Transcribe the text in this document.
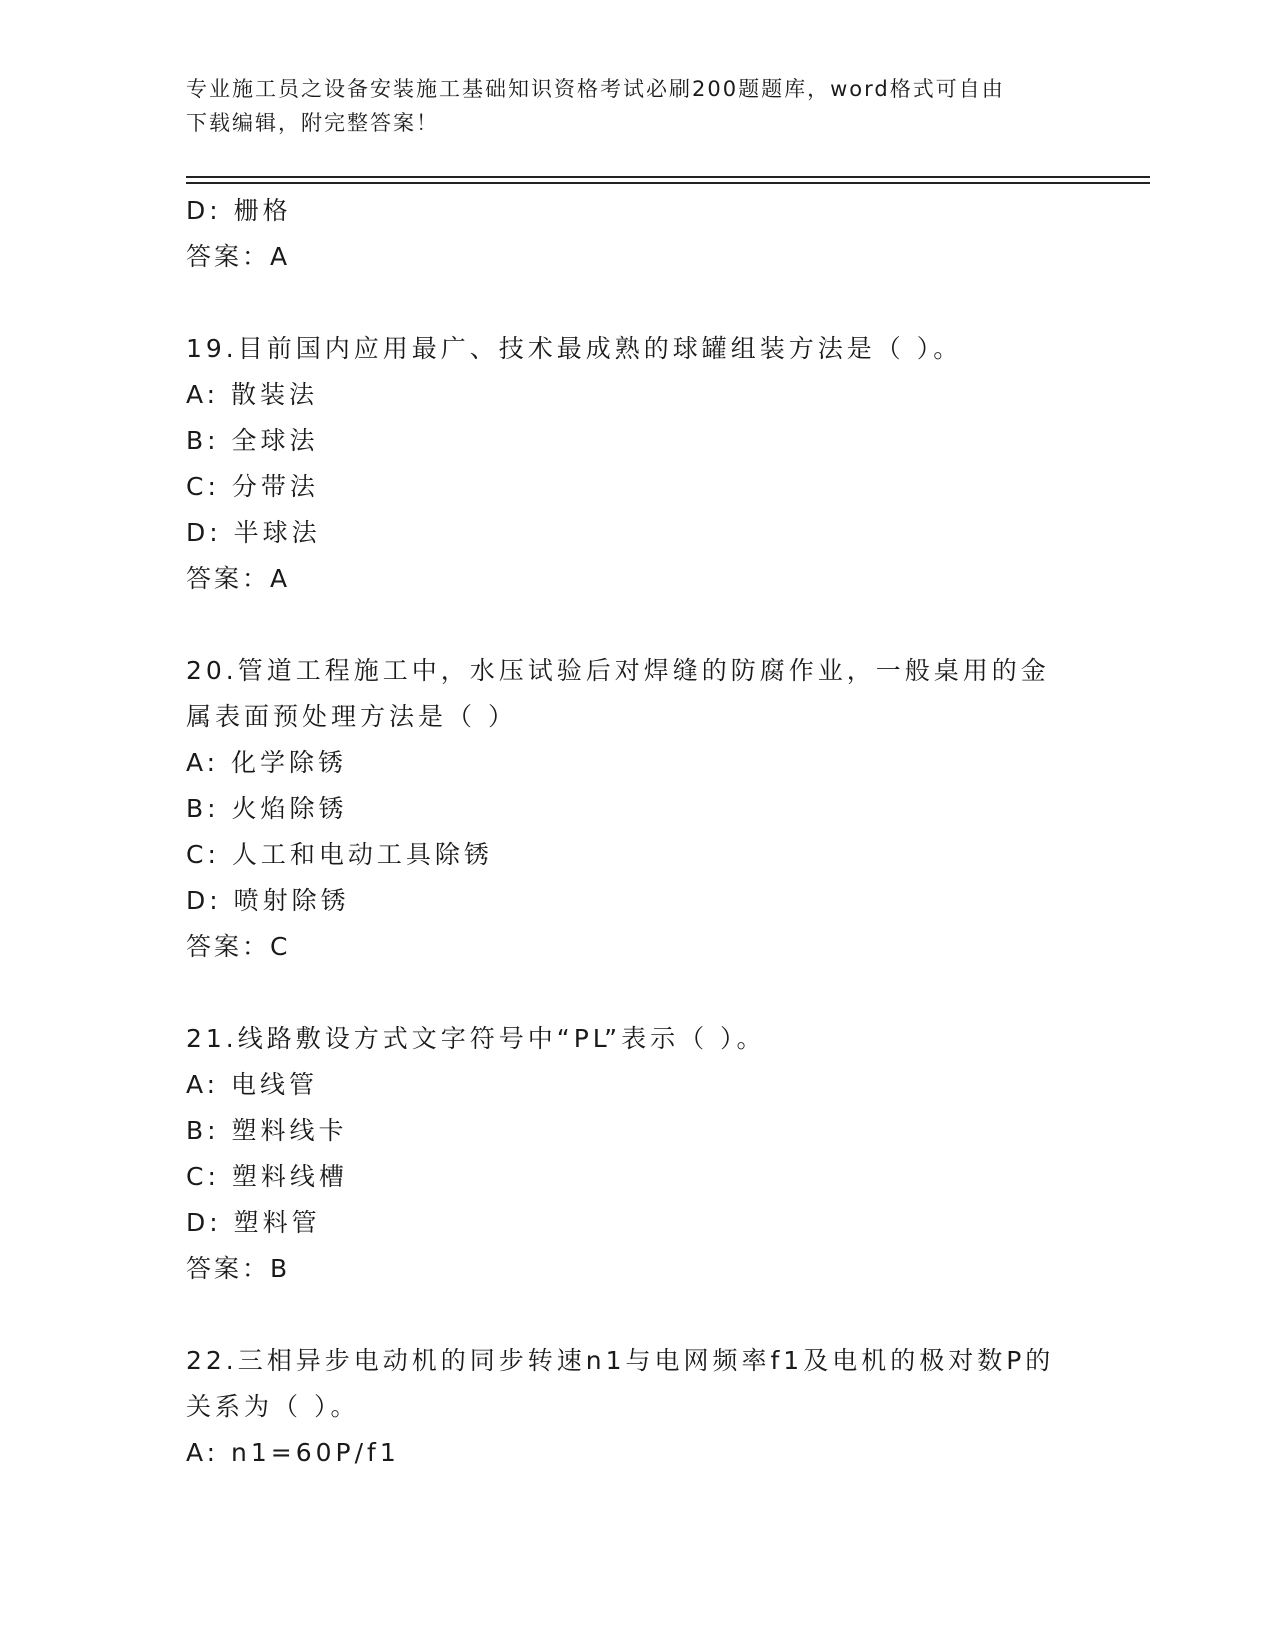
专业施工员之设备安装施工基础知识资格考试必刷200题题库，word格式可自由
下载编辑，附完整答案！
D: 栅格
答案：A
19.目前国内应用最广、技术最成熟的球罐组装方法是（ ）。
A: 散装法
B: 全球法
C: 分带法
D: 半球法
答案：A
20.管道工程施工中，水压试验后对焊缝的防腐作业，一般桌用的金属表面预处理方法是（ ）
A: 化学除锈
B: 火焰除锈
C: 人工和电动工具除锈
D: 喷射除锈
答案：C
21.线路敷设方式文字符号中“PL”表示（ ）。
A: 电线管
B: 塑料线卡
C: 塑料线槽
D: 塑料管
答案：B
22.三相异步电动机的同步转速n1与电网频率f1及电机的极对数P的关系为（ ）。
A: n1=60P/f1
